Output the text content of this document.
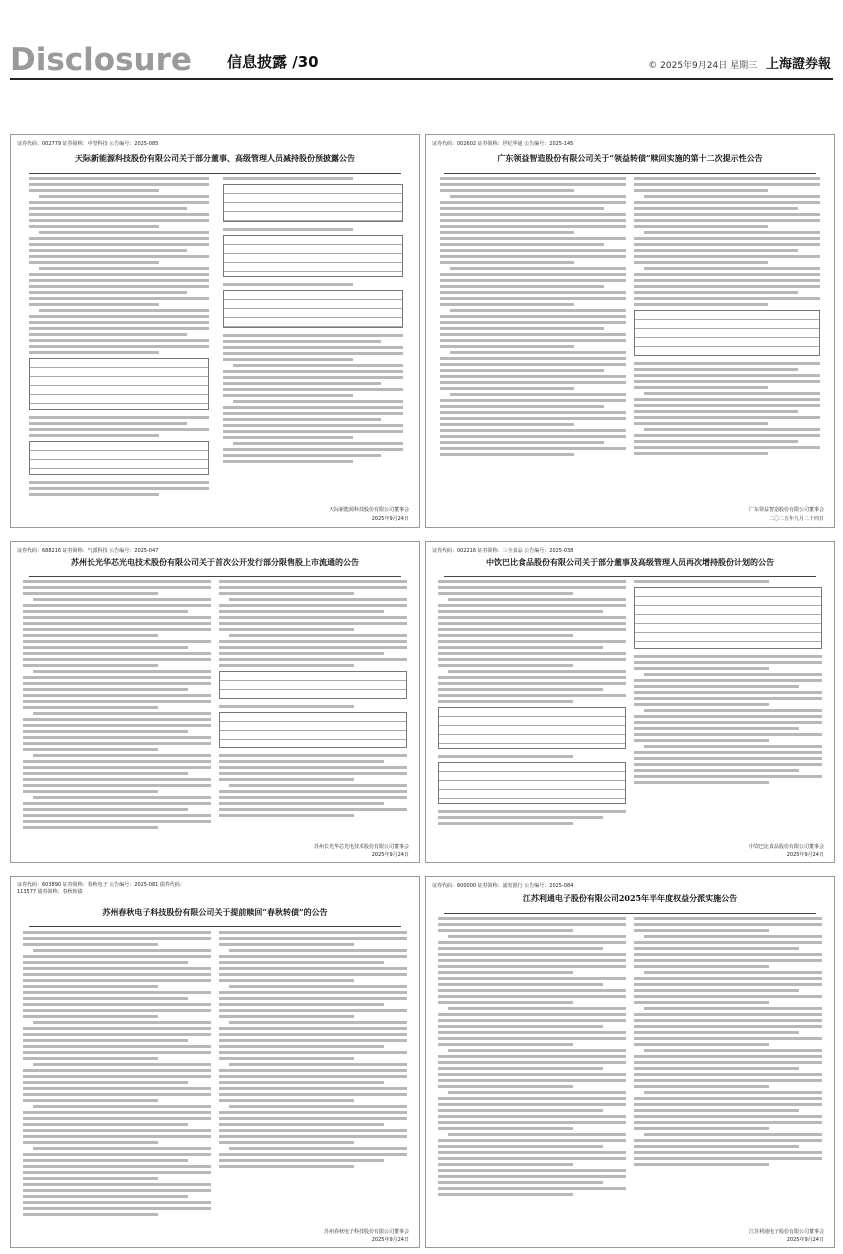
Disclosure 信息披露 /30	© 2025年9月24日 星期三 上海證券報
证券代码：002779 证券简称：中坚科技 公告编号：2025-085
天际新能源科技股份有限公司关于部分董事、高级管理人员减持股份预披露公告
天际新能源科技股份有限公司董事会
2025年9月24日
证券代码：002602 证券简称：世纪华通 公告编号：2025-145
广东领益智造股份有限公司关于“领益转债”赎回实施的第十二次提示性公告
广东领益智造股份有限公司董事会
二〇二五年九月二十四日
证券代码：688216 证券简称：气派科技 公告编号：2025-047
苏州长光华芯光电技术股份有限公司关于首次公开发行部分限售股上市流通的公告
苏州长光华芯光电技术股份有限公司董事会
2025年9月24日
证券代码：002216 证券简称：三全食品 公告编号：2025-038
中饮巴比食品股份有限公司关于部分董事及高级管理人员再次增持股份计划的公告
中饮巴比食品股份有限公司董事会
2025年9月24日
证券代码：603890 证券简称：春秋电子 公告编号：2025-081 债券代码：113577 债券简称：春秋转债
苏州春秋电子科技股份有限公司关于提前赎回“春秋转债”的公告
苏州春秋电子科技股份有限公司董事会
2025年9月24日
证券代码：600000 证券简称：浦发银行 公告编号：2025-084
江苏利通电子股份有限公司2025年半年度权益分派实施公告
江苏利通电子股份有限公司董事会
2025年9月24日
